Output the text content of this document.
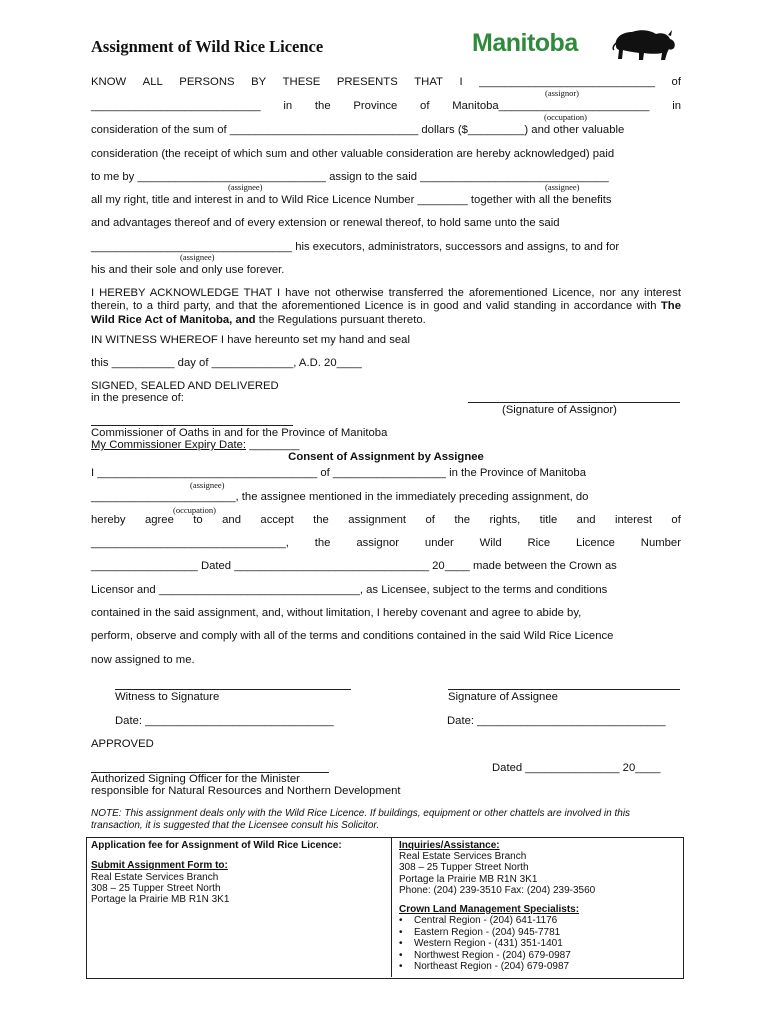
Assignment of Wild Rice Licence	Manitoba
KNOW ALL PERSONS BY THESE PRESENTS THAT I ____________________________ of
(assignor)
___________________________ in the Province of Manitoba________________________ in
(occupation)
consideration of the sum of ______________________________ dollars ($_________) and other valuable
consideration (the receipt of which sum and other valuable consideration are hereby acknowledged) paid
to me by ______________________________ assign to the said ______________________________
(assignee)	(assignee)
all my right, title and interest in and to Wild Rice Licence Number ________ together with all the benefits
and advantages thereof and of every extension or renewal thereof, to hold same unto the said
________________________________ his executors, administrators, successors and assigns, to and for
(assignee)
his and their sole and only use forever.
I HEREBY ACKNOWLEDGE THAT I have not otherwise transferred the aforementioned Licence, nor any interest therein, to a third party, and that the aforementioned Licence is in good and valid standing in accordance with The Wild Rice Act of Manitoba, and the Regulations pursuant thereto.
IN WITNESS WHEREOF I have hereunto set my hand and seal
this __________ day of _____________, A.D. 20____
SIGNED, SEALED AND DELIVERED
in the presence of:
(Signature of Assignor)
Commissioner of Oaths in and for the Province of Manitoba
My Commissioner Expiry Date: ________
Consent of Assignment by Assignee
I ___________________________________ of __________________ in the Province of Manitoba
(assignee)
_______________________, the assignee mentioned in the immediately preceding assignment, do
(occupation)
hereby agree to and accept the assignment of the rights, title and interest of
_______________________________, the assignor under Wild Rice Licence Number
_________________ Dated _______________________________ 20____ made between the Crown as
Licensor and ________________________________, as Licensee, subject to the terms and conditions
contained in the said assignment, and, without limitation, I hereby covenant and agree to abide by,
perform, observe and comply with all of the terms and conditions contained in the said Wild Rice Licence
now assigned to me.
Witness to Signature	Signature of Assignee
Date: ______________________________	Date: ______________________________
APPROVED
Dated _______________ 20____
Authorized Signing Officer for the Minister
responsible for Natural Resources and Northern Development
NOTE: This assignment deals only with the Wild Rice Licence. If buildings, equipment or other chattels are involved in this transaction, it is suggested that the Licensee consult his Solicitor.
Application fee for Assignment of Wild Rice Licence:
Submit Assignment Form to:
Real Estate Services Branch
308 – 25 Tupper Street North
Portage la Prairie MB R1N 3K1
Inquiries/Assistance:
Real Estate Services Branch
308 – 25 Tupper Street North
Portage la Prairie MB R1N 3K1
Phone: (204) 239-3510 Fax: (204) 239-3560
Crown Land Management Specialists:
• Central Region - (204) 641-1176
• Eastern Region - (204) 945-7781
• Western Region - (431) 351-1401
• Northwest Region - (204) 679-0987
• Northeast Region - (204) 679-0987
